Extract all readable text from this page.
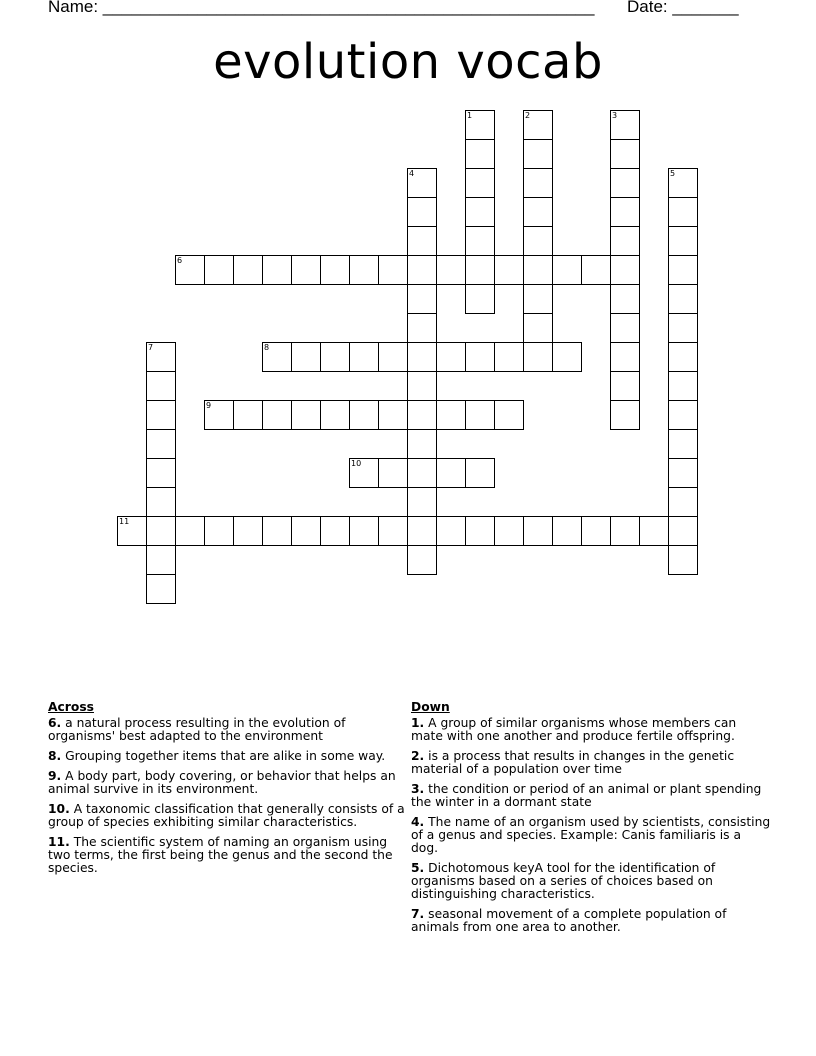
Name: ____________________________________________________ Date: _______
evolution vocab
1	2	3
4	5
6
7	8
9
10
11
Across
6. a natural process resulting in the evolution of organisms' best adapted to the environment
8. Grouping together items that are alike in some way.
9. A body part, body covering, or behavior that helps an animal survive in its environment.
10. A taxonomic classification that generally consists of a group of species exhibiting similar characteristics.
11. The scientific system of naming an organism using two terms, the first being the genus and the second the species.
Down
1. A group of similar organisms whose members can mate with one another and produce fertile offspring.
2. is a process that results in changes in the genetic material of a population over time
3. the condition or period of an animal or plant spending the winter in a dormant state
4. The name of an organism used by scientists, consisting of a genus and species. Example: Canis familiaris is a dog.
5. Dichotomous keyA tool for the identification of organisms based on a series of choices based on distinguishing characteristics.
7. seasonal movement of a complete population of animals from one area to another.
